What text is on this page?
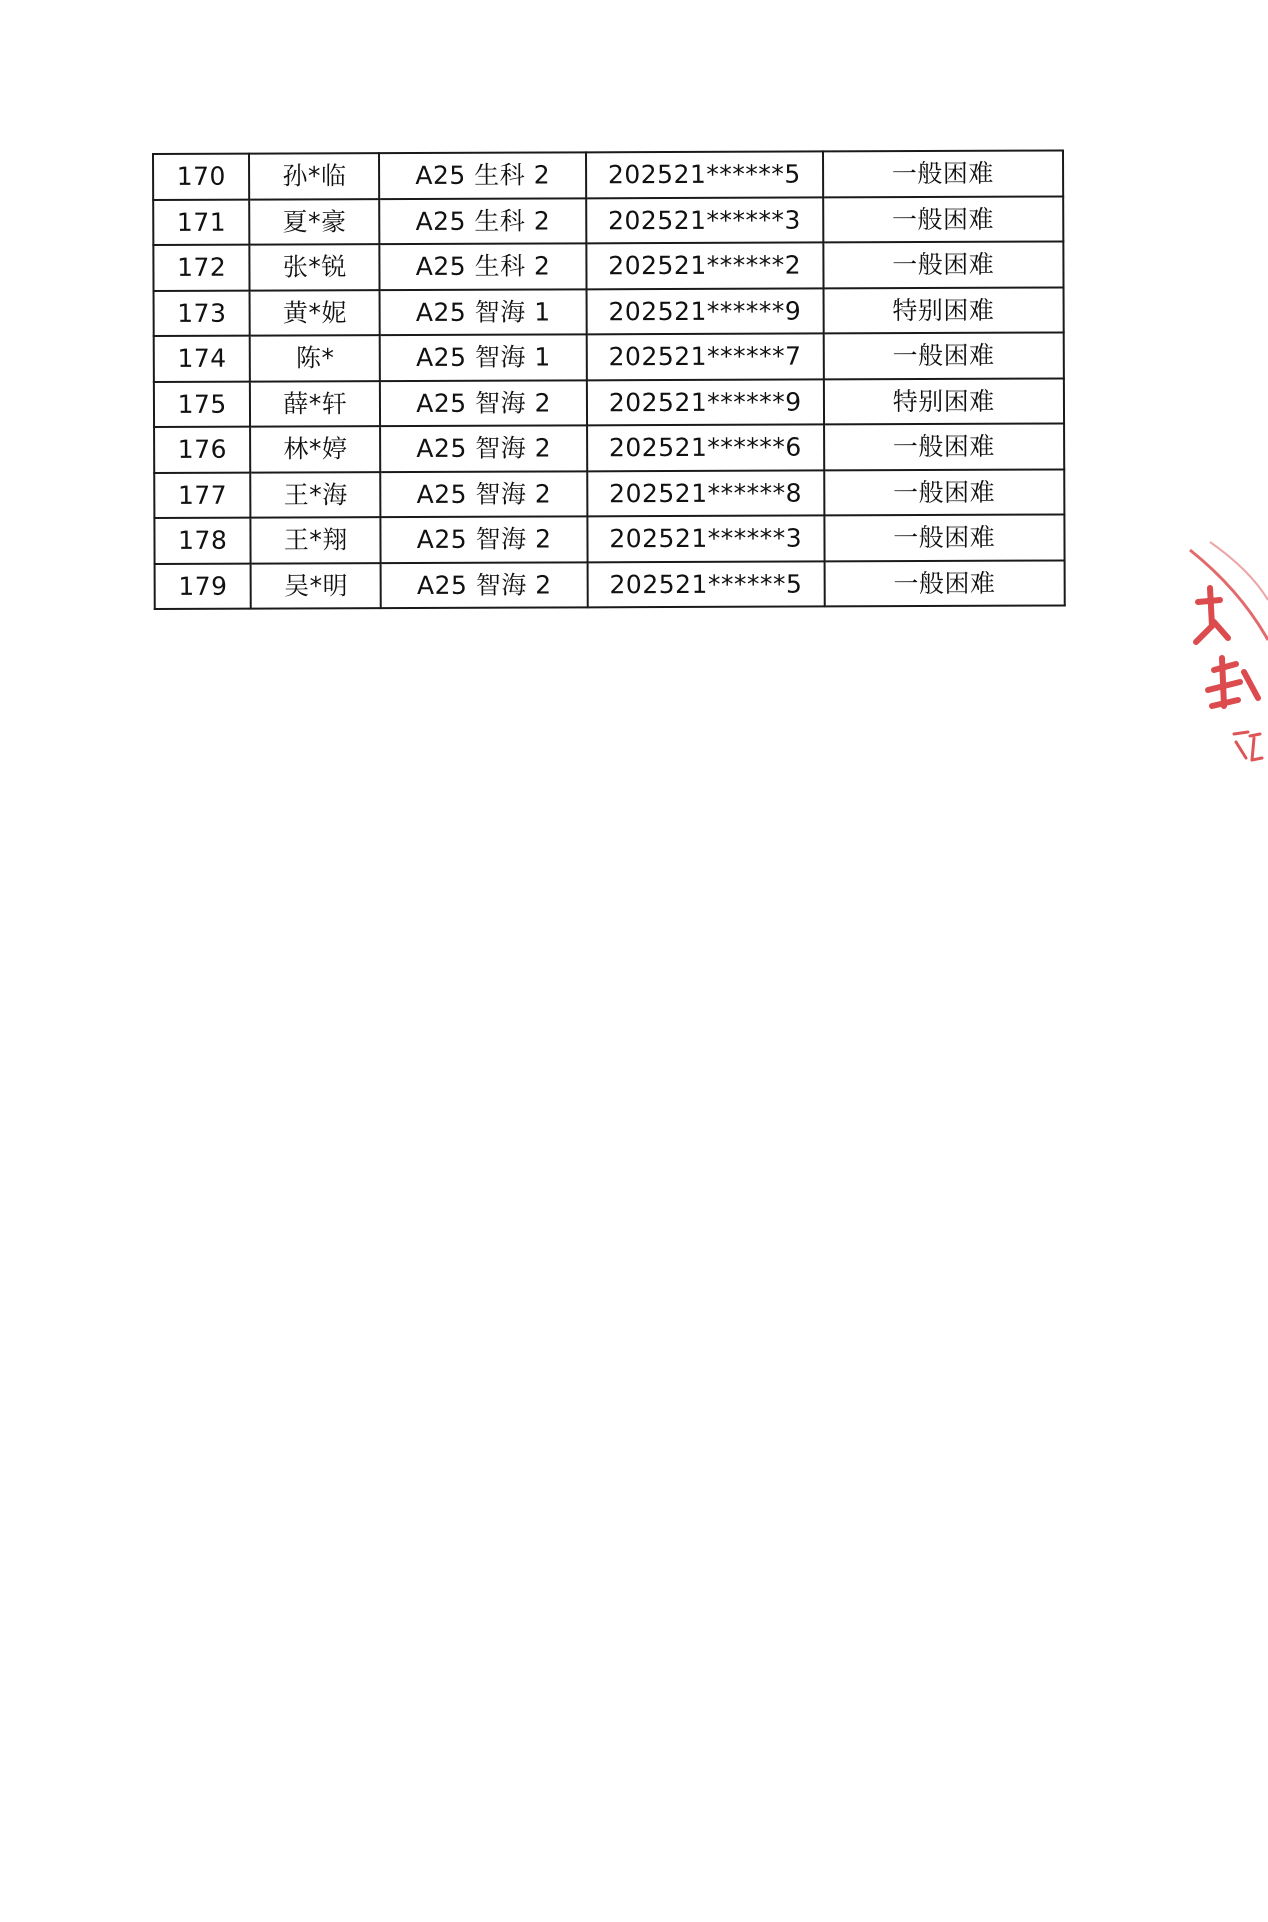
170	孙*临	A25 生科 2	202521******5	一般困难
171	夏*豪	A25 生科 2	202521******3	一般困难
172	张*锐	A25 生科 2	202521******2	一般困难
173	黄*妮	A25 智海 1	202521******9	特别困难
174	陈*	A25 智海 1	202521******7	一般困难
175	薛*轩	A25 智海 2	202521******9	特别困难
176	林*婷	A25 智海 2	202521******6	一般困难
177	王*海	A25 智海 2	202521******8	一般困难
178	王*翔	A25 智海 2	202521******3	一般困难
179	吴*明	A25 智海 2	202521******5	一般困难
